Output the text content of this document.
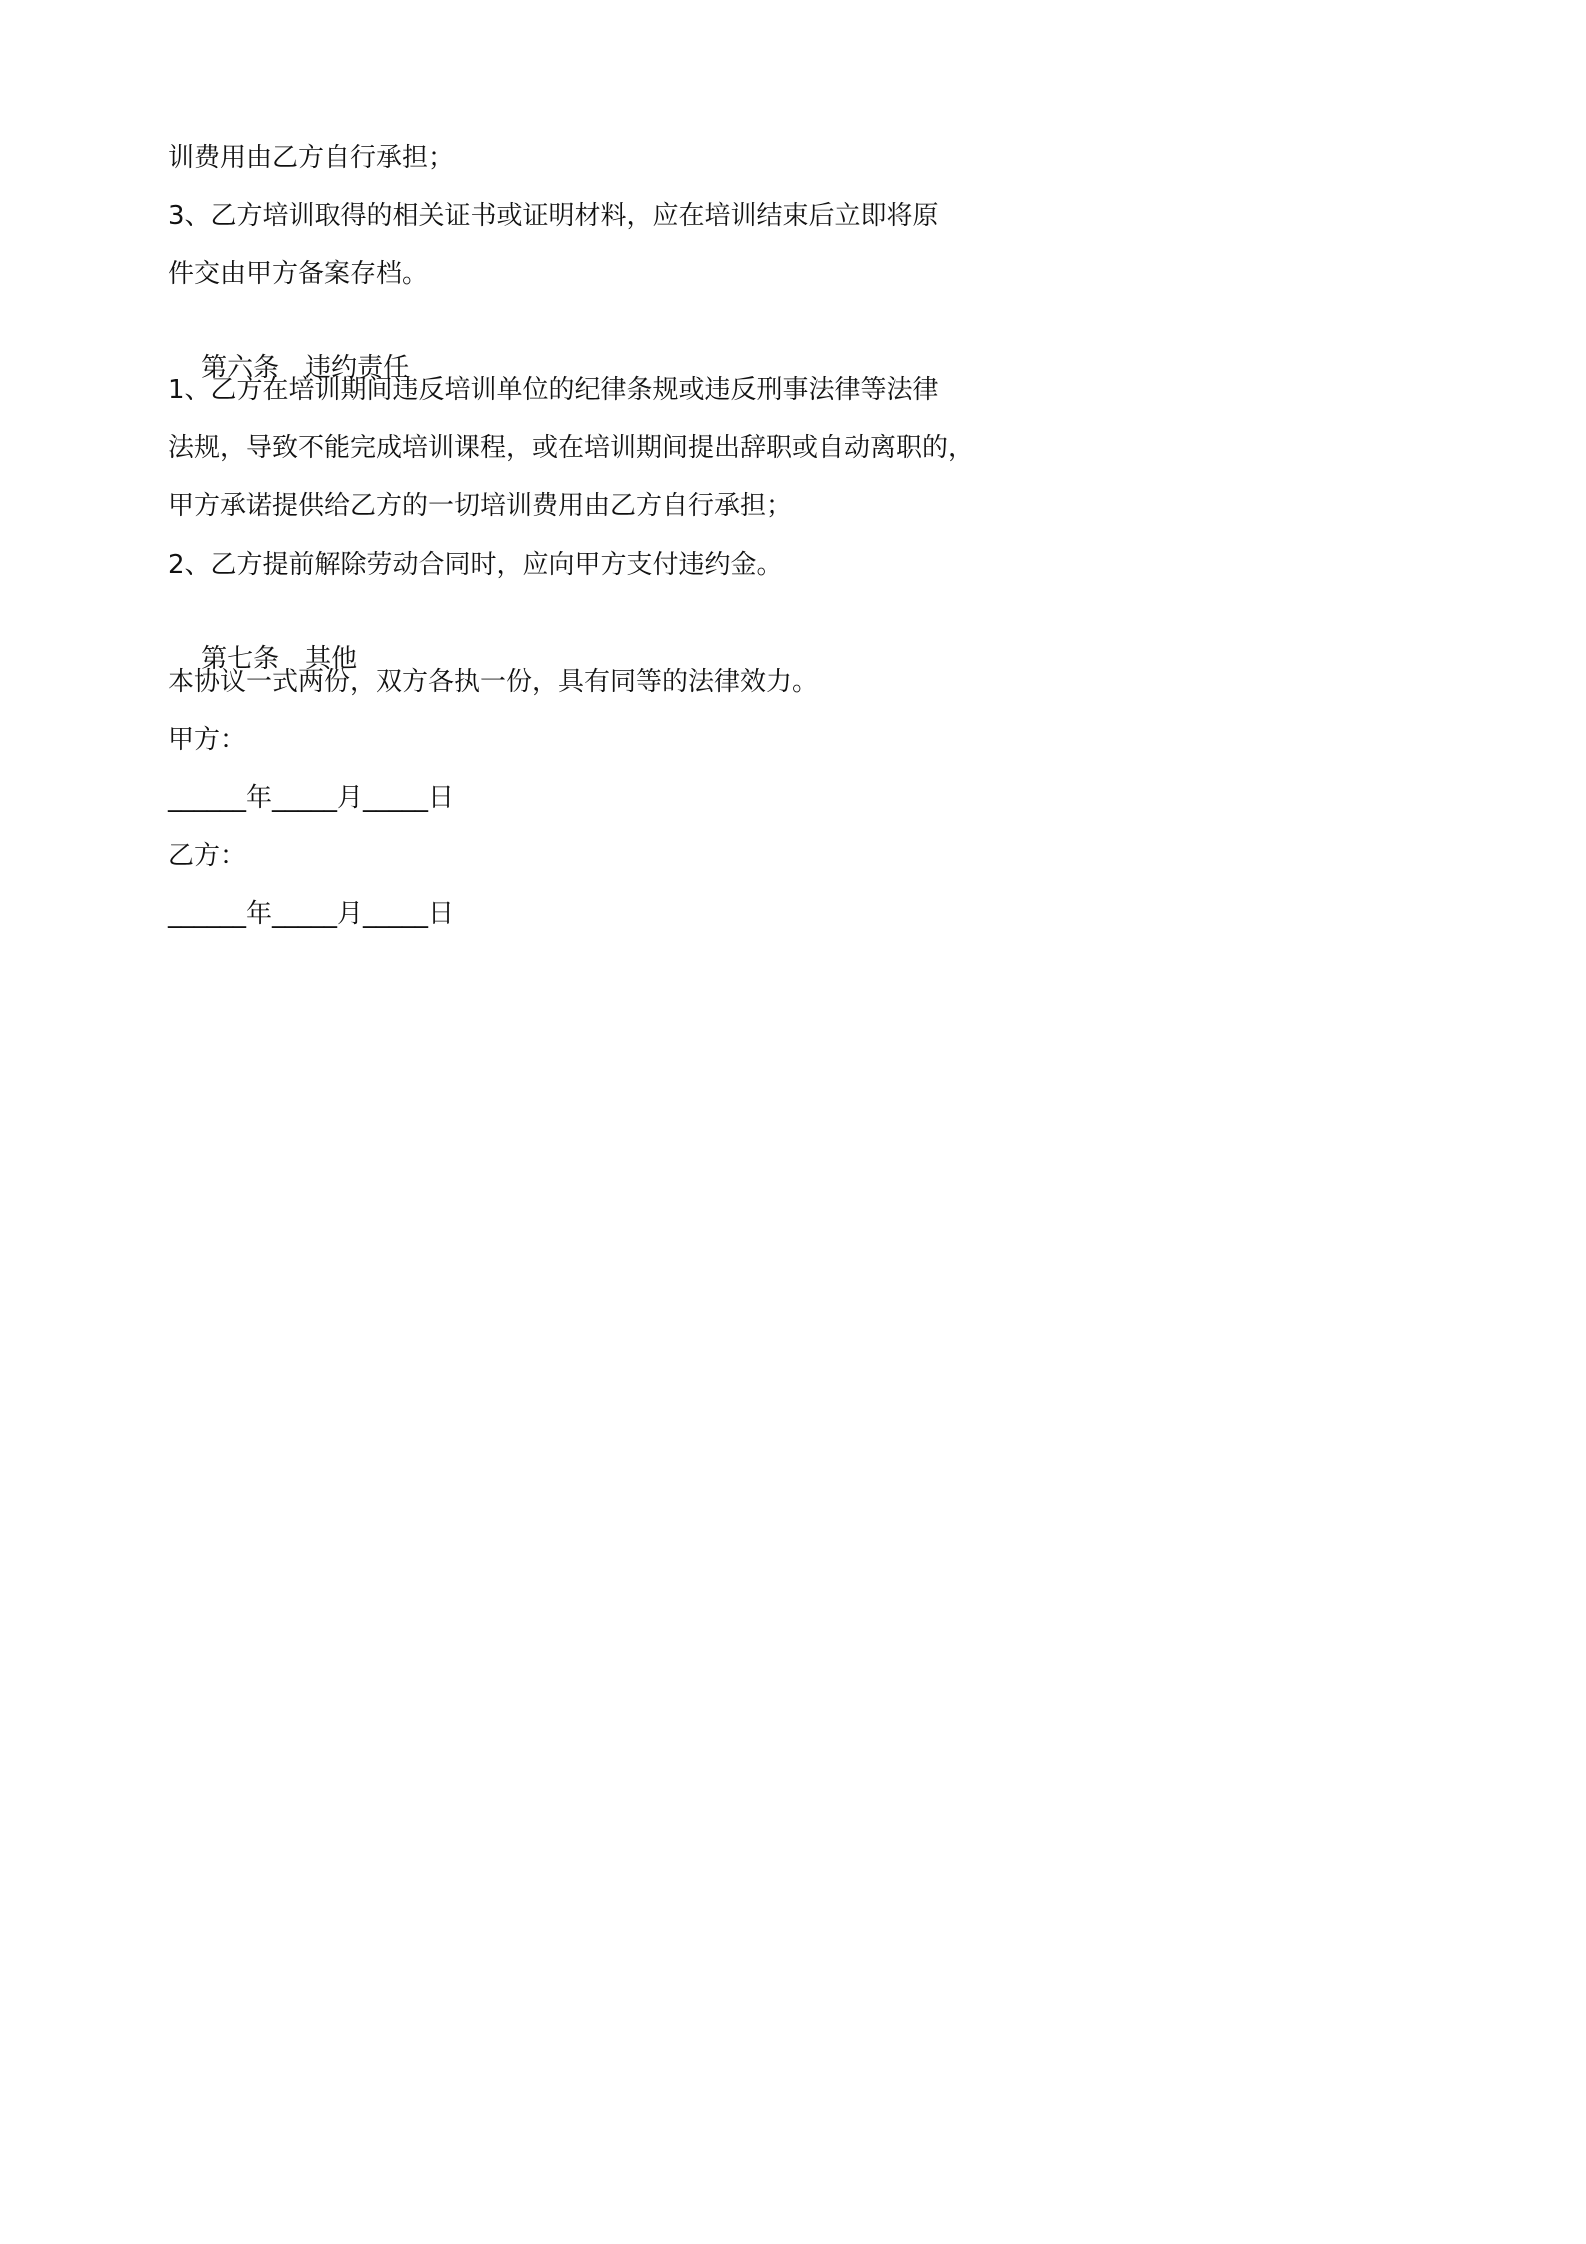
训费用由乙方自行承担；

3、乙方培训取得的相关证书或证明材料，应在培训结束后立即将原

件交由甲方备案存档。

第六条 违约责任

1、乙方在培训期间违反培训单位的纪律条规或违反刑事法律等法律

法规，导致不能完成培训课程，或在培训期间提出辞职或自动离职的，

甲方承诺提供给乙方的一切培训费用由乙方自行承担；

2、乙方提前解除劳动合同时，应向甲方支付违约金。

第七条 其他

本协议一式两份，双方各执一份，具有同等的法律效力。

甲方：

______年_____月_____日

乙方：

______年_____月_____日
